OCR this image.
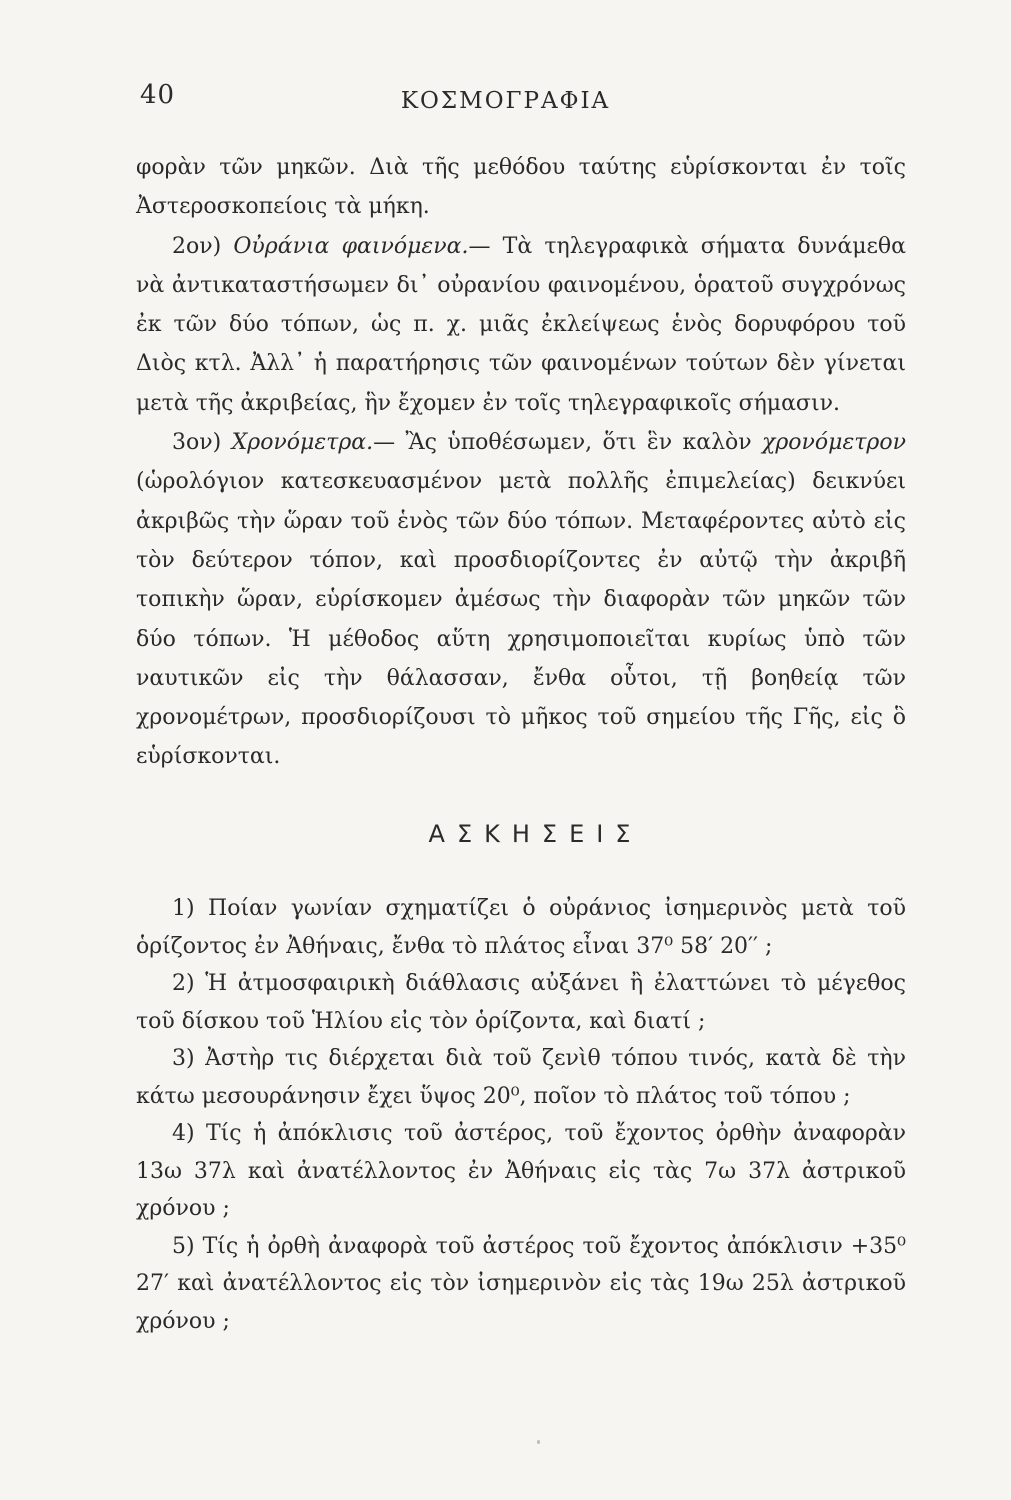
40	ΚΟΣΜΟΓΡΑΦΙΑ

φορὰν τῶν μηκῶν. Διὰ τῆς μεθόδου ταύτης εὑρίσκονται ἐν τοῖς Ἀστεροσκοπείοις τὰ μήκη.

2ον) Οὐράνια φαινόμενα.— Τὰ τηλεγραφικὰ σήματα δυνάμεθα νὰ ἀντικαταστήσωμεν δι᾽ οὐρανίου φαινομένου, ὁρατοῦ συγχρόνως ἐκ τῶν δύο τόπων, ὡς π. χ. μιᾶς ἐκλείψεως ἑνὸς δορυφόρου τοῦ Διὸς κτλ. Ἀλλ᾽ ἡ παρατήρησις τῶν φαινομένων τούτων δὲν γίνεται μετὰ τῆς ἀκριβείας, ἣν ἔχομεν ἐν τοῖς τηλεγραφικοῖς σήμασιν.

3ον) Χρονόμετρα.— Ἂς ὑποθέσωμεν, ὅτι ἓν καλὸν χρονόμετρον (ὡρολόγιον κατεσκευασμένον μετὰ πολλῆς ἐπιμελείας) δεικνύει ἀκριβῶς τὴν ὥραν τοῦ ἑνὸς τῶν δύο τόπων. Μεταφέροντες αὐτὸ εἰς τὸν δεύτερον τόπον, καὶ προσδιορίζοντες ἐν αὐτῷ τὴν ἀκριβῆ τοπικὴν ὥραν, εὑρίσκομεν ἀμέσως τὴν διαφορὰν τῶν μηκῶν τῶν δύο τόπων. Ἡ μέθοδος αὕτη χρησιμοποιεῖται κυρίως ὑπὸ τῶν ναυτικῶν εἰς τὴν θάλασσαν, ἔνθα οὗτοι, τῇ βοηθείᾳ τῶν χρονομέτρων, προσδιορίζουσι τὸ μῆκος τοῦ σημείου τῆς Γῆς, εἰς ὃ εὑρίσκονται.

ΑΣΚΗΣΕΙΣ

1) Ποίαν γωνίαν σχηματίζει ὁ οὐράνιος ἰσημερινὸς μετὰ τοῦ ὁρίζοντος ἐν Ἀθήναις, ἔνθα τὸ πλάτος εἶναι 37⁰ 58′ 20′′ ;

2) Ἡ ἀτμοσφαιρικὴ διάθλασις αὐξάνει ἢ ἐλαττώνει τὸ μέγεθος τοῦ δίσκου τοῦ Ἡλίου εἰς τὸν ὁρίζοντα, καὶ διατί ;

3) Ἀστὴρ τις διέρχεται διὰ τοῦ ζενὶθ τόπου τινός, κατὰ δὲ τὴν κάτω μεσουράνησιν ἔχει ὕψος 20⁰, ποῖον τὸ πλάτος τοῦ τόπου ;

4) Τίς ἡ ἀπόκλισις τοῦ ἀστέρος, τοῦ ἔχοντος ὀρθὴν ἀναφορὰν 13ω 37λ καὶ ἀνατέλλοντος ἐν Ἀθήναις εἰς τὰς 7ω 37λ ἀστρικοῦ χρόνου ;

5) Τίς ἡ ὀρθὴ ἀναφορὰ τοῦ ἀστέρος τοῦ ἔχοντος ἀπόκλισιν +35⁰ 27′ καὶ ἀνατέλλοντος εἰς τὸν ἰσημερινὸν εἰς τὰς 19ω 25λ ἀστρικοῦ χρόνου ;
